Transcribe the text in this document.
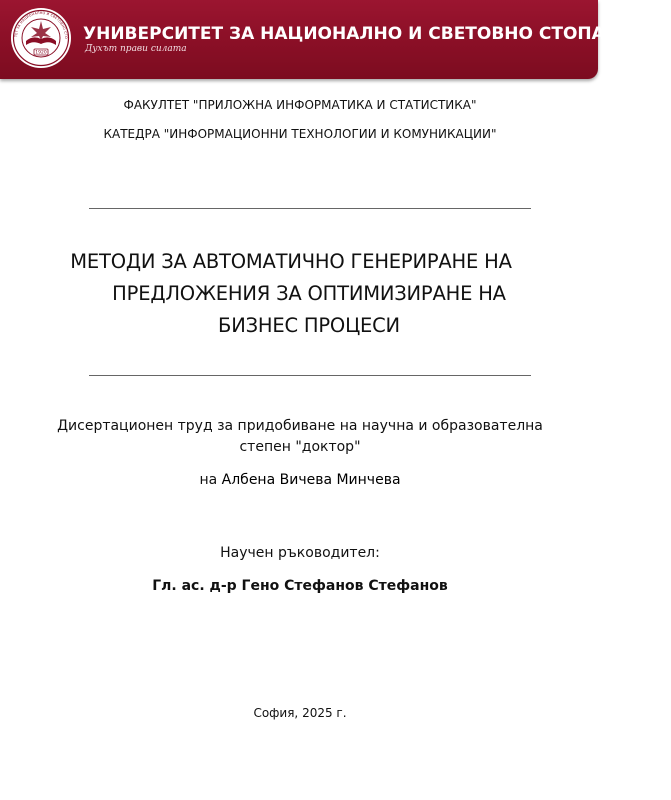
1920
ТЕТ ЗА НАЦИОНАЛНО И СВЕТОВНО СТО УНИВЕРСИТЕТ ЗА НАЦИОНАЛНО И СВЕТОВНО СТОПАНСТВО
Духът прави силата
ФАКУЛТЕТ "ПРИЛОЖНА ИНФОРМАТИКА И СТАТИСТИКА"
КАТЕДРА "ИНФОРМАЦИОННИ ТЕХНОЛОГИИ И КОМУНИКАЦИИ"
МЕТОДИ ЗА АВТОМАТИЧНО ГЕНЕРИРАНЕ НА
ПРЕДЛОЖЕНИЯ ЗА ОПТИМИЗИРАНЕ НА
БИЗНЕС ПРОЦЕСИ
Дисертационен труд за придобиване на научна и образователна
степен "доктор"
на Албена Вичева Минчева
Научен ръководител:
Гл. ас. д-р Гено Стефанов Стефанов
София, 2025 г.
